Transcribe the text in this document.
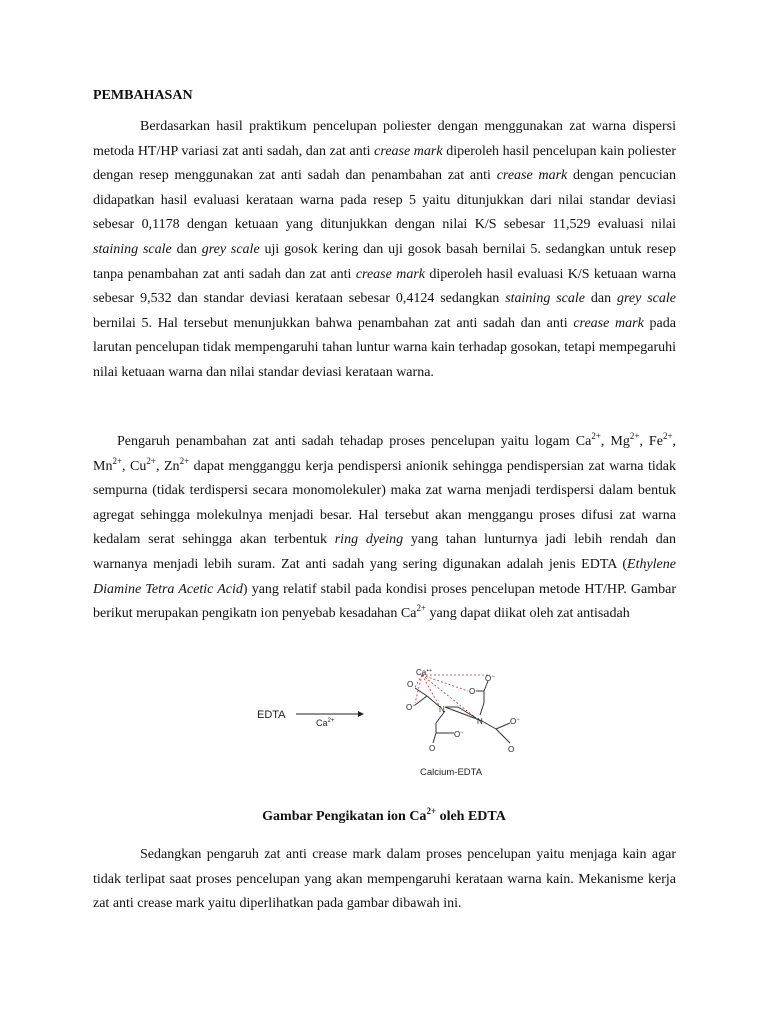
PEMBAHASAN

Berdasarkan hasil praktikum pencelupan poliester dengan menggunakan zat warna dispersi metoda HT/HP variasi zat anti sadah, dan zat anti crease mark diperoleh hasil pencelupan kain poliester dengan resep menggunakan zat anti sadah dan penambahan zat anti crease mark dengan pencucian didapatkan hasil evaluasi kerataan warna pada resep 5 yaitu ditunjukkan dari nilai standar deviasi sebesar 0,1178 dengan ketuaan yang ditunjukkan dengan nilai K/S sebesar 11,529 evaluasi nilai staining scale dan grey scale uji gosok kering dan uji gosok basah bernilai 5. sedangkan untuk resep tanpa penambahan zat anti sadah dan zat anti crease mark diperoleh hasil evaluasi K/S ketuaan warna sebesar 9,532 dan standar deviasi kerataan sebesar 0,4124 sedangkan staining scale dan grey scale bernilai 5. Hal tersebut menunjukkan bahwa penambahan zat anti sadah dan anti crease mark pada larutan pencelupan tidak mempengaruhi tahan luntur warna kain terhadap gosokan, tetapi mempegaruhi nilai ketuaan warna dan nilai standar deviasi kerataan warna.

Pengaruh penambahan zat anti sadah tehadap proses pencelupan yaitu logam $Ca^{2+}$, $Mg^{2+}$, $Fe^{2+}$, $Mn^{2+}$, $Cu^{2+}$, $Zn^{2+}$ dapat mengganggu kerja pendispersi anionik sehingga pendispersian zat warna tidak sempurna (tidak terdispersi secara monomolekuler) maka zat warna menjadi terdispersi dalam bentuk agregat sehingga molekulnya menjadi besar. Hal tersebut akan menggangu proses difusi zat warna kedalam serat sehingga akan terbentuk ring dyeing yang tahan lunturnya jadi lebih rendah dan warnanya menjadi lebih suram. Zat anti sadah yang sering digunakan adalah jenis EDTA (Ethylene Diamine Tetra Acetic Acid) yang relatif stabil pada kondisi proses pencelupan metode HT/HP. Gambar berikut merupakan pengikatn ion penyebab kesadahan $Ca^{2+}$ yang dapat diikat oleh zat antisadah

EDTA
$Ca^{2+}$
Ca++
O
O−	N
N
O
O−
O−
O
O−
O
Calcium-EDTA
Gambar Pengikatan ion $Ca^{2+}$ oleh EDTA

Sedangkan pengaruh zat anti crease mark dalam proses pencelupan yaitu menjaga kain agar tidak terlipat saat proses pencelupan yang akan mempengaruhi kerataan warna kain. Mekanisme kerja zat anti crease mark yaitu diperlihatkan pada gambar dibawah ini.
